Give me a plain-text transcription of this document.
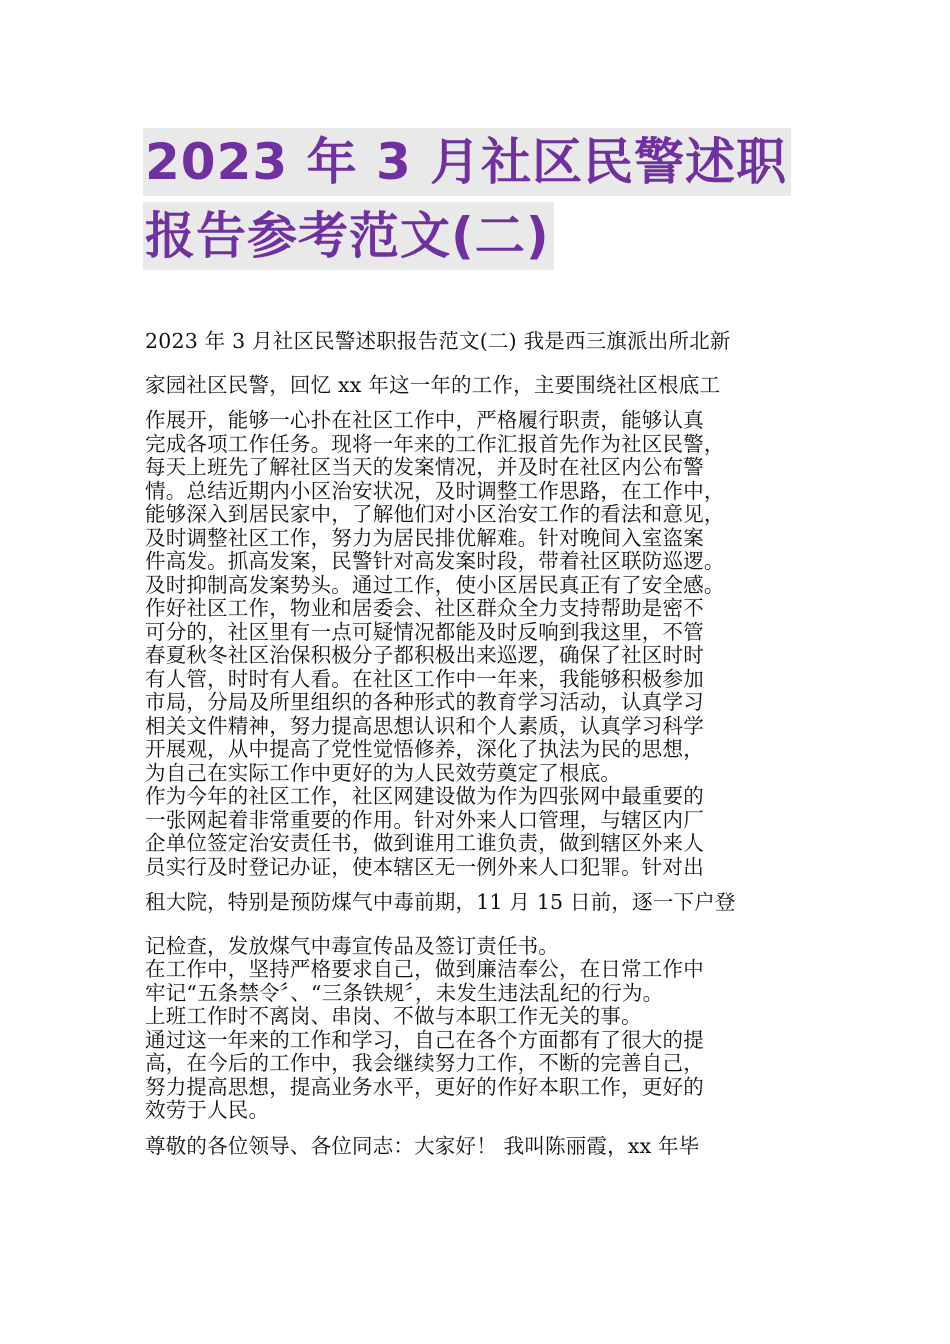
2023 年 3 月社区民警述职
报告参考范文(二)
2023 年 3 月社区民警述职报告范文(二) 我是西三旗派出所北新
家园社区民警，回忆 xx 年这一年的工作，主要围绕社区根底工
作展开，能够一心扑在社区工作中，严格履行职责，能够认真
完成各项工作任务。现将一年来的工作汇报首先作为社区民警，
每天上班先了解社区当天的发案情况，并及时在社区内公布警
情。总结近期内小区治安状况，及时调整工作思路，在工作中，
能够深入到居民家中，了解他们对小区治安工作的看法和意见，
及时调整社区工作，努力为居民排优解难。针对晚间入室盗案
件高发。抓高发案，民警针对高发案时段，带着社区联防巡逻。
及时抑制高发案势头。通过工作，使小区居民真正有了安全感。
作好社区工作，物业和居委会、社区群众全力支持帮助是密不
可分的，社区里有一点可疑情况都能及时反响到我这里，不管
春夏秋冬社区治保积极分子都积极出来巡逻，确保了社区时时
有人管，时时有人看。在社区工作中一年来，我能够积极参加
市局，分局及所里组织的各种形式的教育学习活动，认真学习
相关文件精神，努力提高思想认识和个人素质，认真学习科学
开展观，从中提高了党性觉悟修养，深化了执法为民的思想，
为自己在实际工作中更好的为人民效劳奠定了根底。
作为今年的社区工作，社区网建设做为作为四张网中最重要的
一张网起着非常重要的作用。针对外来人口管理，与辖区内厂
企单位签定治安责任书，做到谁用工谁负责，做到辖区外来人
员实行及时登记办证，使本辖区无一例外来人口犯罪。针对出
租大院，特别是预防煤气中毒前期，11 月 15 日前，逐一下户登
记检查，发放煤气中毒宣传品及签订责任书。
在工作中，坚持严格要求自己，做到廉洁奉公，在日常工作中
牢记“五条禁令〞、“三条铁规〞，未发生违法乱纪的行为。
上班工作时不离岗、串岗、不做与本职工作无关的事。
通过这一年来的工作和学习，自己在各个方面都有了很大的提
高，在今后的工作中，我会继续努力工作，不断的完善自己，
努力提高思想，提高业务水平，更好的作好本职工作，更好的
效劳于人民。
尊敬的各位领导、各位同志：大家好！ 我叫陈丽霞，xx 年毕
